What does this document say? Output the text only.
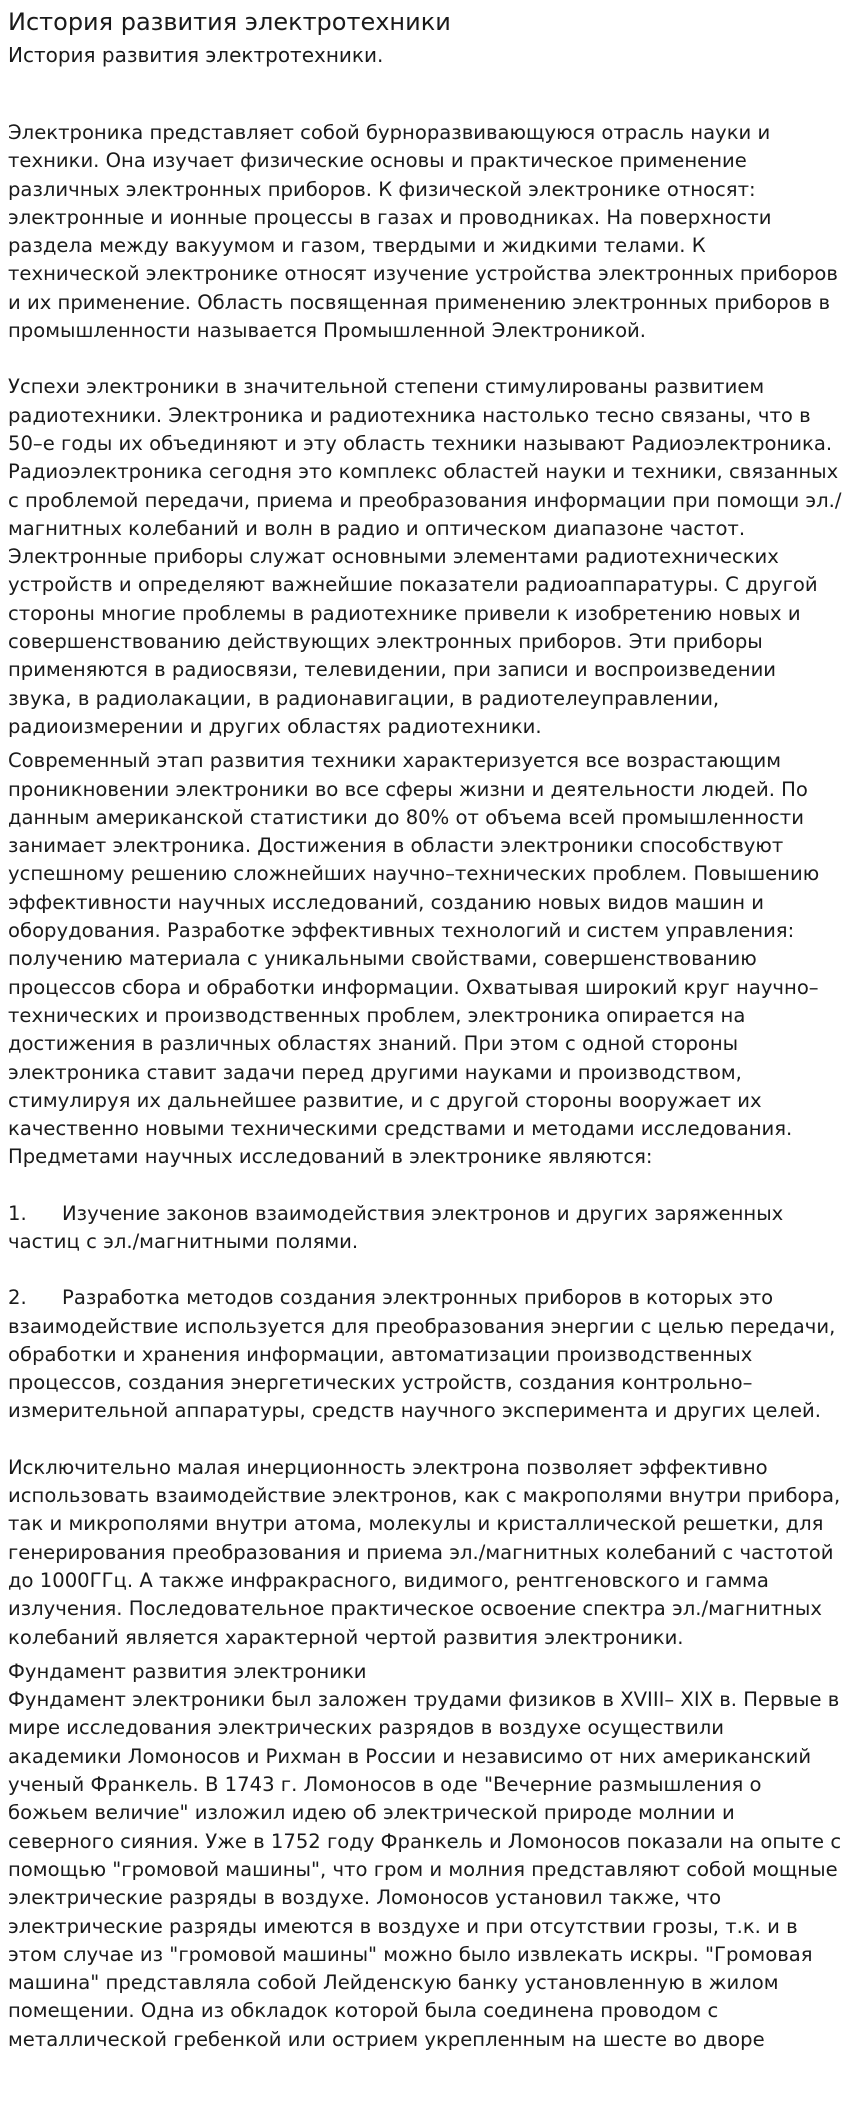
История развития электротехники
История развития электротехники.

Электроника представляет собой бурноразвивающуюся отрасль науки и техники. Она изучает физические основы и практическое применение различных электронных приборов. К физической электронике относят: электронные и ионные процессы в газах и проводниках. На поверхности раздела между вакуумом и газом, твердыми и жидкими телами. К технической электронике относят изучение устройства электронных приборов и их применение. Область посвященная применению электронных приборов в промышленности называется Промышленной Электроникой.

Успехи электроники в значительной степени стимулированы развитием радиотехники. Электроника и радиотехника настолько тесно связаны, что в 50–е годы их объединяют и эту область техники называют Радиоэлектроника. Радиоэлектроника сегодня это комплекс областей науки и техники, связанных с проблемой передачи, приема и преобразования информации при помощи эл./магнитных колебаний и волн в радио и оптическом диапазоне частот. Электронные приборы служат основными элементами радиотехнических устройств и определяют важнейшие показатели радиоаппаратуры. С другой стороны многие проблемы в радиотехнике привели к изобретению новых и совершенствованию действующих электронных приборов. Эти приборы применяются в радиосвязи, телевидении, при записи и воспроизведении звука, в радиолакации, в радионавигации, в радиотелеуправлении, радиоизмерении и других областях радиотехники.

Современный этап развития техники характеризуется все возрастающим проникновении электроники во все сферы жизни и деятельности людей. По данным американской статистики до 80% от объема всей промышленности занимает электроника. Достижения в области электроники способствуют успешному решению сложнейших научно–технических проблем. Повышению эффективности научных исследований, созданию новых видов машин и оборудования. Разработке эффективных технологий и систем управления: получению материала с уникальными свойствами, совершенствованию процессов сбора и обработки информации. Охватывая широкий круг научно–технических и производственных проблем, электроника опирается на достижения в различных областях знаний. При этом с одной стороны электроника ставит задачи перед другими науками и производством, стимулируя их дальнейшее развитие, и с другой стороны вооружает их качественно новыми техническими средствами и методами исследования. Предметами научных исследований в электронике являются:

1. Изучение законов взаимодействия электронов и других заряженных частиц с эл./магнитными полями.

2. Разработка методов создания электронных приборов в которых это взаимодействие используется для преобразования энергии с целью передачи, обработки и хранения информации, автоматизации производственных процессов, создания энергетических устройств, создания контрольно–измерительной аппаратуры, средств научного эксперимента и других целей.

Исключительно малая инерционность электрона позволяет эффективно использовать взаимодействие электронов, как с макрополями внутри прибора, так и микрополями внутри атома, молекулы и кристаллической решетки, для генерирования преобразования и приема эл./магнитных колебаний с частотой до 1000ГГц. А также инфракрасного, видимого, рентгеновского и гамма излучения. Последовательное практическое освоение спектра эл./магнитных колебаний является характерной чертой развития электроники.

Фундамент развития электроники

Фундамент электроники был заложен трудами физиков в XVIII– XIX в. Первые в мире исследования электрических разрядов в воздухе осуществили академики Ломоносов и Рихман в России и независимо от них американский ученый Франкель. В 1743 г. Ломоносов в оде "Вечерние размышления о божьем величие" изложил идею об электрической природе молнии и северного сияния. Уже в 1752 году Франкель и Ломоносов показали на опыте с помощью "громовой машины", что гром и молния представляют собой мощные электрические разряды в воздухе. Ломоносов установил также, что электрические разряды имеются в воздухе и при отсутствии грозы, т.к. и в этом случае из "громовой машины" можно было извлекать искры. "Громовая машина" представляла собой Лейденскую банку установленную в жилом помещении. Одна из обкладок которой была соединена проводом с металлической гребенкой или острием укрепленным на шесте во дворе
